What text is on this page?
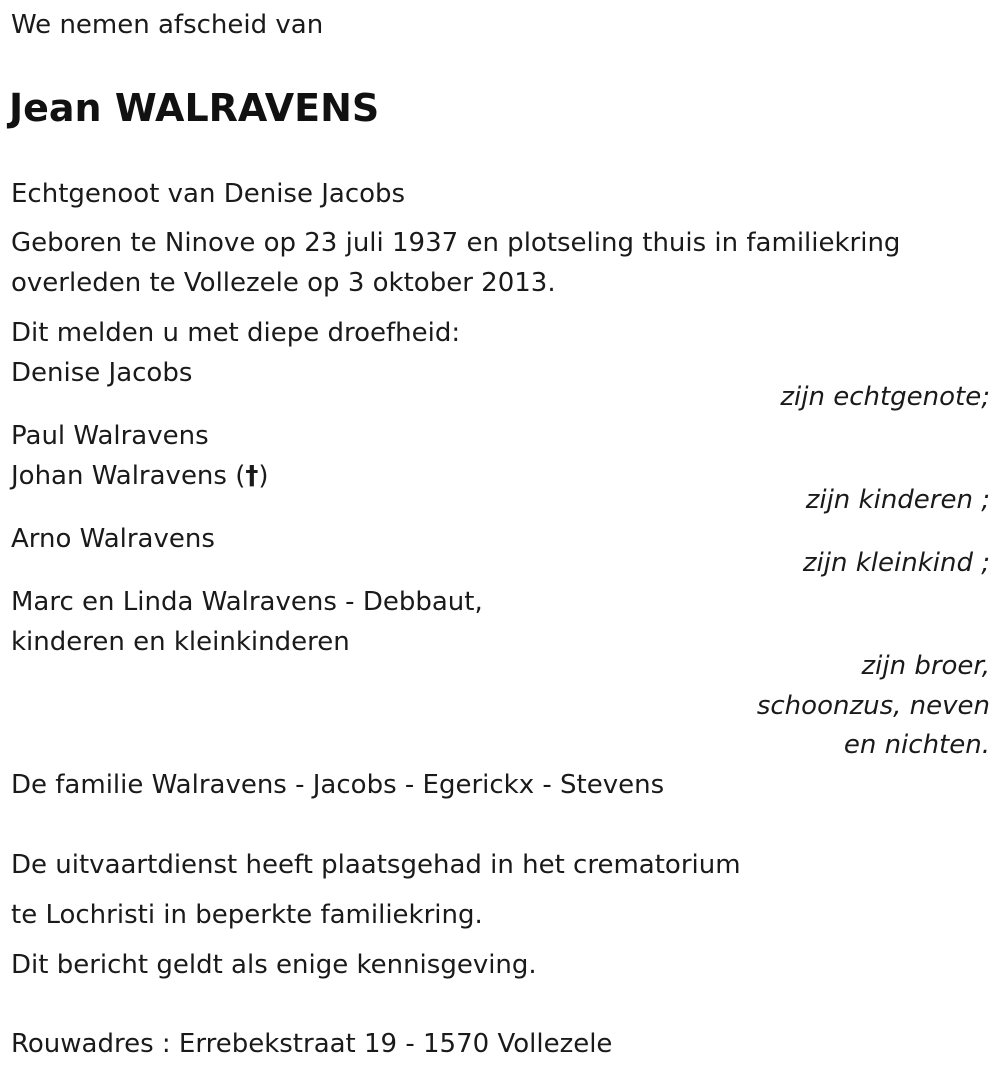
We nemen afscheid van
Jean WALRAVENS
Echtgenoot van Denise Jacobs
Geboren te Ninove op 23 juli 1937 en plotseling thuis in familiekring
overleden te Vollezele op 3 oktober 2013.
Dit melden u met diepe droefheid:
Denise Jacobs
zijn echtgenote;
Paul Walravens
Johan Walravens (†)
zijn kinderen ;
Arno Walravens
zijn kleinkind ;
Marc en Linda Walravens - Debbaut,
kinderen en kleinkinderen
zijn broer,
schoonzus, neven
en nichten.
De familie Walravens - Jacobs - Egerickx - Stevens
De uitvaartdienst heeft plaatsgehad in het crematorium
te Lochristi in beperkte familiekring.
Dit bericht geldt als enige kennisgeving.
Rouwadres : Errebekstraat 19 - 1570 Vollezele
